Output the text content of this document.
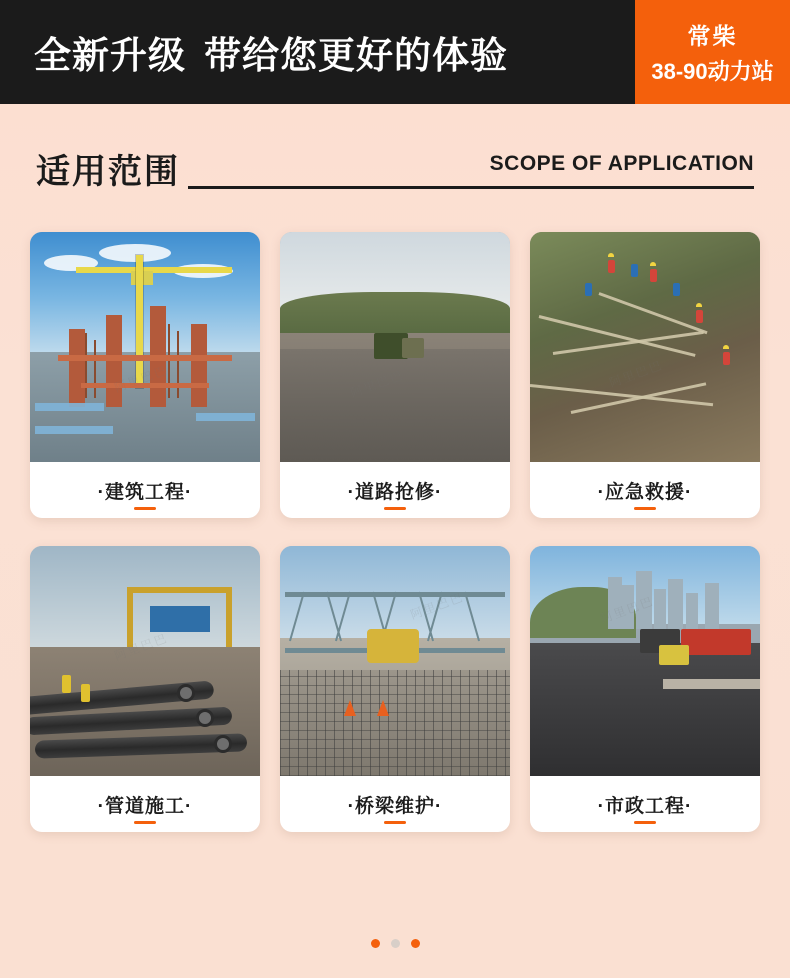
全新升级 带给您更好的体验	常柴
38-90动力站
适用范围	SCOPE OF APPLICATION
·建筑工程·	·道路抢修·	·应急救援·
·管道施工·	·桥梁维护·	·市政工程·
